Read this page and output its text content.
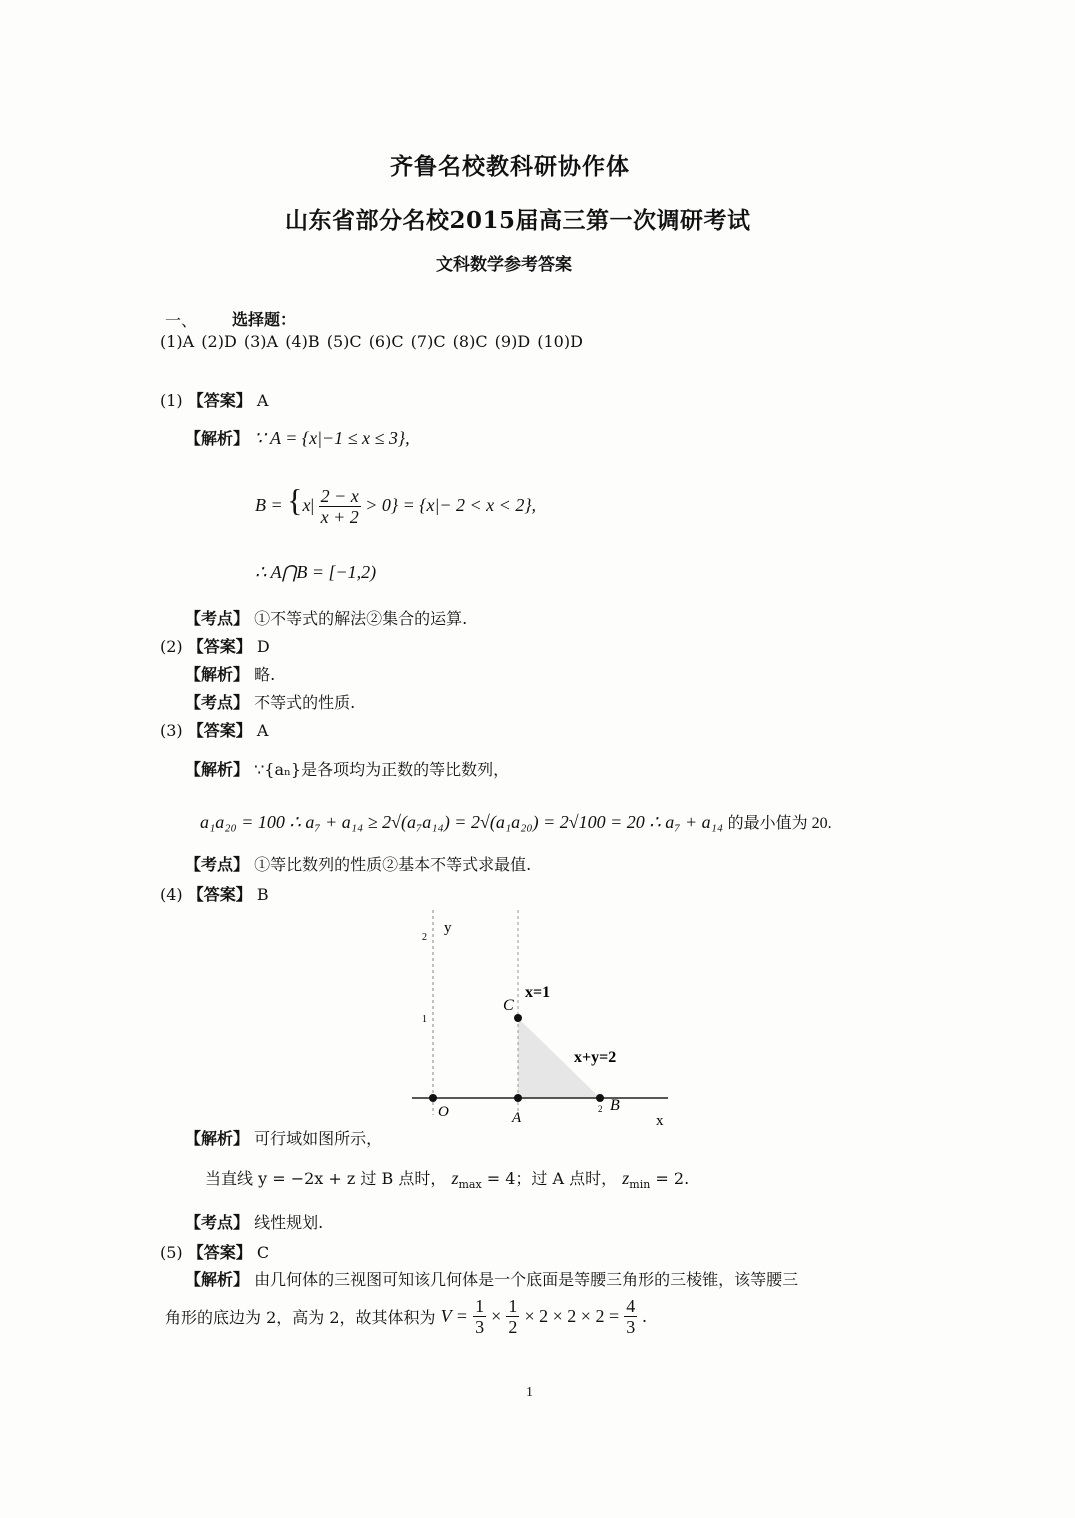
齐鲁名校教科研协作体
山东省部分名校2015届高三第一次调研考试
文科数学参考答案
一、 选择题：
(1)A (2)D (3)A (4)B (5)C (6)C (7)C (8)C (9)D (10)D
(1) 【答案】 A
【解析】 ∵ A = {x|−1 ≤ x ≤ 3},
$B = \{x| \frac{2 - x}{x + 2} > 0\} = \{x|- 2 < x < 2\}$,
∴ A⋂B = [−1,2)
【考点】 ①不等式的解法②集合的运算.
(2) 【答案】 D
【解析】 略.
【考点】 不等式的性质.
(3) 【答案】 A
【解析】 ∵{aₙ}是各项均为正数的等比数列，
a₁a₂₀ = 100 ∴ a₇ + a₁₄ ≥ 2√(a₇a₁₄) = 2√(a₁a₂₀) = 2√100 = 20 ∴ a₇ + a₁₄ 的最小值为 20.
【考点】 ①等比数列的性质②基本不等式求最值.
(4) 【答案】 B
2
1
y
x
O	A
2 B
C
x=1
x+y=2
【解析】 可行域如图所示，
当直线 y = −2x + z 过 B 点时， $z_{max} = 4$；过 A 点时， $z_{min} = 2$.
【考点】 线性规划.
(5) 【答案】 C
【解析】 由几何体的三视图可知该几何体是一个底面是等腰三角形的三棱锥，该等腰三
角形的底边为 2，高为 2，故其体积为 $V = \frac{1}{3} \times \frac{1}{2} \times 2 \times 2 \times 2 = \frac{4}{3}$ .
1
